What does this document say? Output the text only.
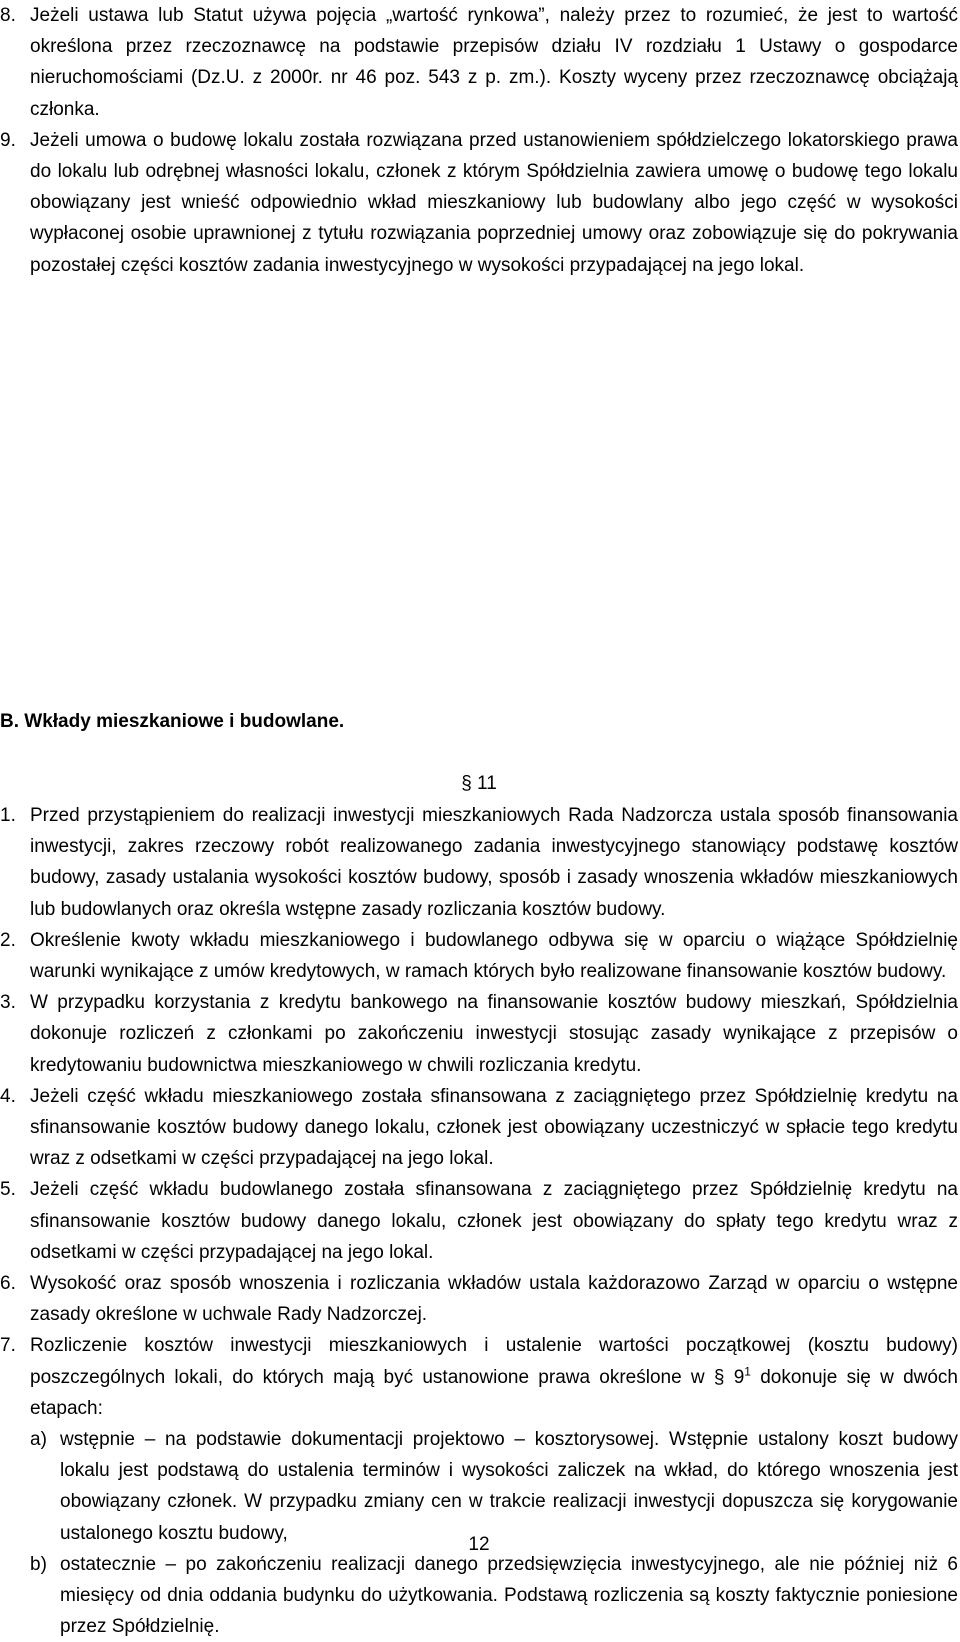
8. Jeżeli ustawa lub Statut używa pojęcia „wartość rynkowa”, należy przez to rozumieć, że jest to wartość określona przez rzeczoznawcę na podstawie przepisów działu IV rozdziału 1 Ustawy o gospodarce nieruchomościami (Dz.U. z 2000r. nr 46 poz. 543 z p. zm.). Koszty wyceny przez rzeczoznawcę obciążają członka.
9. Jeżeli umowa o budowę lokalu została rozwiązana przed ustanowieniem spółdzielczego lokatorskiego prawa do lokalu lub odrębnej własności lokalu, członek z którym Spółdzielnia zawiera umowę o budowę tego lokalu obowiązany jest wnieść odpowiednio wkład mieszkaniowy lub budowlany albo jego część w wysokości wypłaconej osobie uprawnionej z tytułu rozwiązania poprzedniej umowy oraz zobowiązuje się do pokrywania pozostałej części kosztów zadania inwestycyjnego w wysokości przypadającej na jego lokal.
B. Wkłady mieszkaniowe i budowlane.
§ 11
1. Przed przystąpieniem do realizacji inwestycji mieszkaniowych Rada Nadzorcza ustala sposób finansowania inwestycji, zakres rzeczowy robót realizowanego zadania inwestycyjnego stanowiący podstawę kosztów budowy, zasady ustalania wysokości kosztów budowy, sposób i zasady wnoszenia wkładów mieszkaniowych lub budowlanych oraz określa wstępne zasady rozliczania kosztów budowy.
2. Określenie kwoty wkładu mieszkaniowego i budowlanego odbywa się w oparciu o wiążące Spółdzielnię warunki wynikające z umów kredytowych, w ramach których było realizowane finansowanie kosztów budowy.
3. W przypadku korzystania z kredytu bankowego na finansowanie kosztów budowy mieszkań, Spółdzielnia dokonuje rozliczeń z członkami po zakończeniu inwestycji stosując zasady wynikające z przepisów o kredytowaniu budownictwa mieszkaniowego w chwili rozliczania kredytu.
4. Jeżeli część wkładu mieszkaniowego została sfinansowana z zaciągniętego przez Spółdzielnię kredytu na sfinansowanie kosztów budowy danego lokalu, członek jest obowiązany uczestniczyć w spłacie tego kredytu wraz z odsetkami w części przypadającej na jego lokal.
5. Jeżeli część wkładu budowlanego została sfinansowana z zaciągniętego przez Spółdzielnię kredytu na sfinansowanie kosztów budowy danego lokalu, członek jest obowiązany do spłaty tego kredytu wraz z odsetkami w części przypadającej na jego lokal.
6. Wysokość oraz sposób wnoszenia i rozliczania wkładów ustala każdorazowo Zarząd w oparciu o wstępne zasady określone w uchwale Rady Nadzorczej.
7. Rozliczenie kosztów inwestycji mieszkaniowych i ustalenie wartości początkowej (kosztu budowy) poszczególnych lokali, do których mają być ustanowione prawa określone w § $9^1$ dokonuje się w dwóch etapach:
a) wstępnie – na podstawie dokumentacji projektowo – kosztorysowej. Wstępnie ustalony koszt budowy lokalu jest podstawą do ustalenia terminów i wysokości zaliczek na wkład, do którego wnoszenia jest obowiązany członek. W przypadku zmiany cen w trakcie realizacji inwestycji dopuszcza się korygowanie ustalonego kosztu budowy,
b) ostatecznie – po zakończeniu realizacji danego przedsięwzięcia inwestycyjnego, ale nie później niż 6 miesięcy od dnia oddania budynku do użytkowania. Podstawą rozliczenia są koszty faktycznie poniesione przez Spółdzielnię.
12
